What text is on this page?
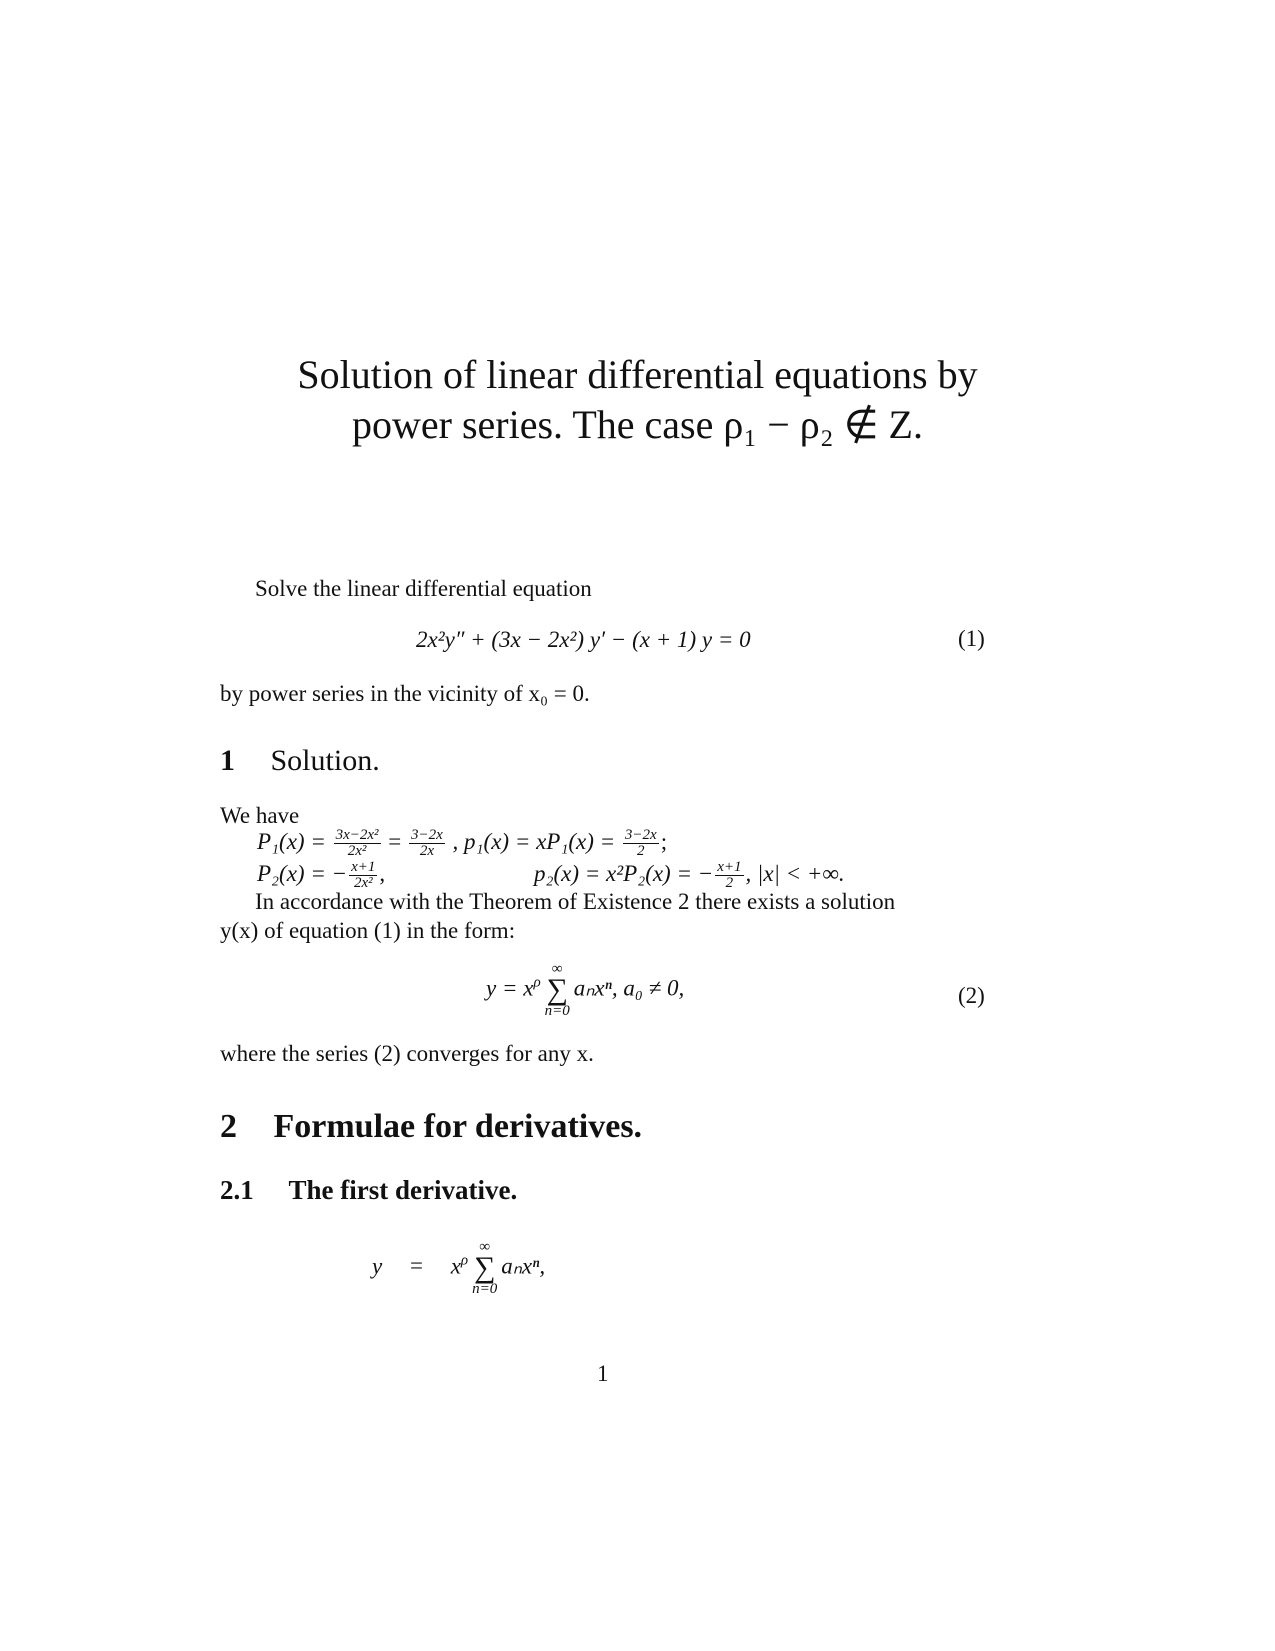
Solution of linear differential equations by
power series. The case ρ₁ − ρ₂ ∉ Z.
Solve the linear differential equation
2x²y″ + (3x − 2x²) y′ − (x + 1) y = 0	(1)
by power series in the vicinity of x₀ = 0.
1 Solution.
We have
$P_1(x) = \frac{\text{3x−2x²}}{\text{2x²}} = \frac{3-2x}{2x}$ , $p_1(x) = xP_1(x) = \frac{3-2x}{2}$ ;
P₂(x) = − $\frac{x+1}{\text{2x²}}$ ,	p₂(x) = x²P₂(x) = − $\frac{x+1}{2}$ , |x| < +∞.
In accordance with the Theorem of Existence 2 there exists a solution
y(x) of equation (1) in the form:
$y = x^\rho$
∞
∑
n=0
aₙxⁿ, a₀ ≠ 0,	(2)
where the series (2) converges for any x.
2 Formulae for derivatives.
2.1 The first derivative.
$y = x^\rho$
∞
∑
n=0
aₙxⁿ,
1
